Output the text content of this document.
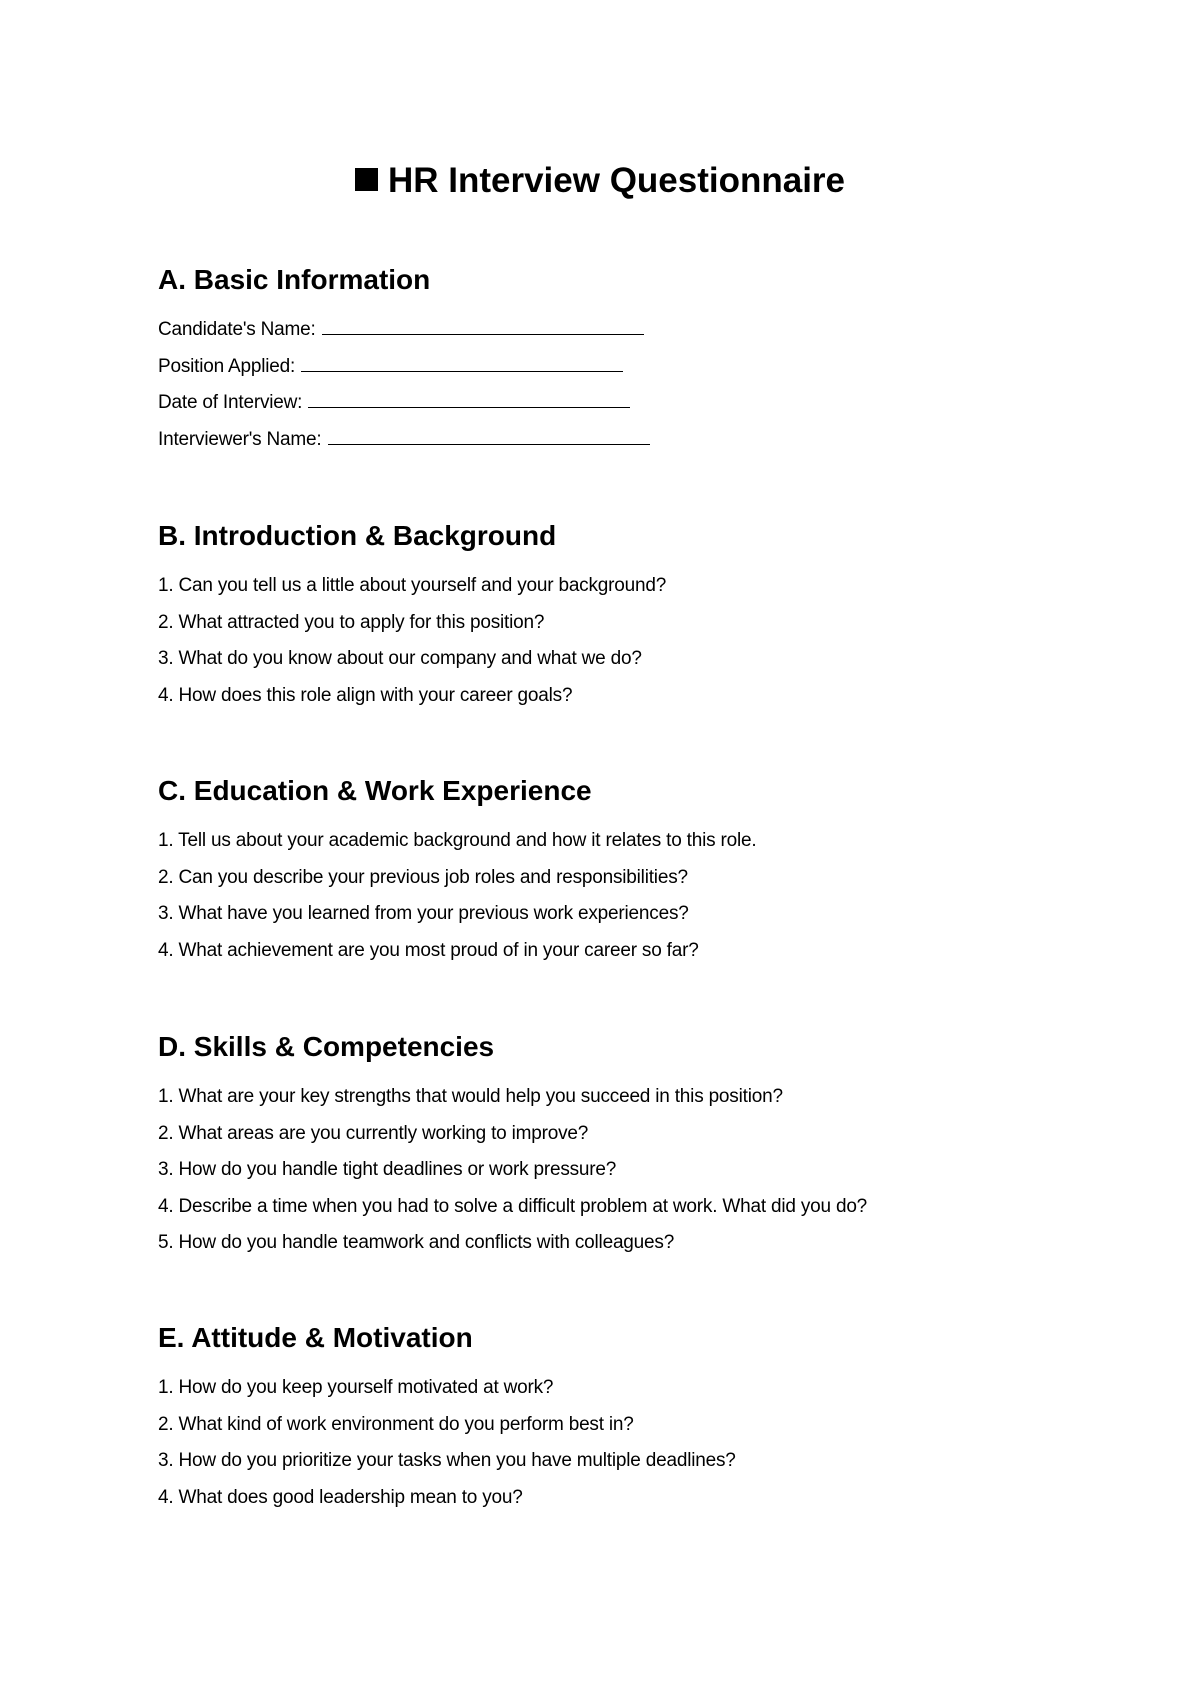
HR Interview Questionnaire
A. Basic Information
Candidate's Name:
Position Applied:
Date of Interview:
Interviewer's Name:
B. Introduction & Background
1. Can you tell us a little about yourself and your background?
2. What attracted you to apply for this position?
3. What do you know about our company and what we do?
4. How does this role align with your career goals?
C. Education & Work Experience
1. Tell us about your academic background and how it relates to this role.
2. Can you describe your previous job roles and responsibilities?
3. What have you learned from your previous work experiences?
4. What achievement are you most proud of in your career so far?
D. Skills & Competencies
1. What are your key strengths that would help you succeed in this position?
2. What areas are you currently working to improve?
3. How do you handle tight deadlines or work pressure?
4. Describe a time when you had to solve a difficult problem at work. What did you do?
5. How do you handle teamwork and conflicts with colleagues?
E. Attitude & Motivation
1. How do you keep yourself motivated at work?
2. What kind of work environment do you perform best in?
3. How do you prioritize your tasks when you have multiple deadlines?
4. What does good leadership mean to you?
